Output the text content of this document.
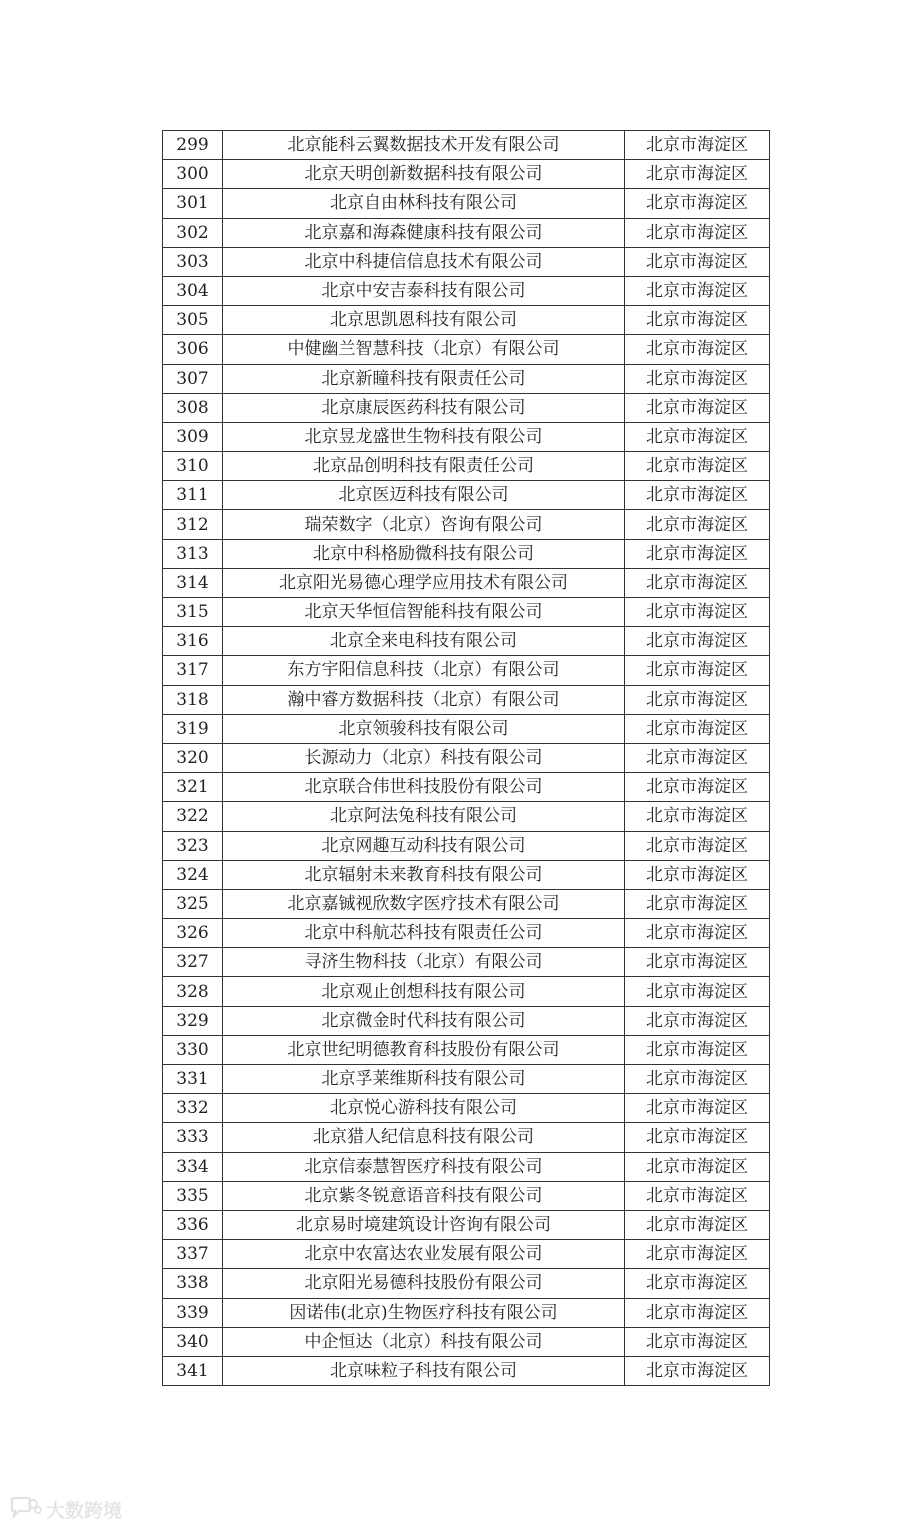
299	北京能科云翼数据技术开发有限公司	北京市海淀区
300	北京天明创新数据科技有限公司	北京市海淀区
301	北京自由林科技有限公司	北京市海淀区
302	北京嘉和海森健康科技有限公司	北京市海淀区
303	北京中科捷信信息技术有限公司	北京市海淀区
304	北京中安吉泰科技有限公司	北京市海淀区
305	北京思凯恩科技有限公司	北京市海淀区
306	中健幽兰智慧科技（北京）有限公司	北京市海淀区
307	北京新瞳科技有限责任公司	北京市海淀区
308	北京康辰医药科技有限公司	北京市海淀区
309	北京昱龙盛世生物科技有限公司	北京市海淀区
310	北京品创明科技有限责任公司	北京市海淀区
311	北京医迈科技有限公司	北京市海淀区
312	瑞荣数字（北京）咨询有限公司	北京市海淀区
313	北京中科格励微科技有限公司	北京市海淀区
314	北京阳光易德心理学应用技术有限公司	北京市海淀区
315	北京天华恒信智能科技有限公司	北京市海淀区
316	北京全来电科技有限公司	北京市海淀区
317	东方宇阳信息科技（北京）有限公司	北京市海淀区
318	瀚中睿方数据科技（北京）有限公司	北京市海淀区
319	北京领骏科技有限公司	北京市海淀区
320	长源动力（北京）科技有限公司	北京市海淀区
321	北京联合伟世科技股份有限公司	北京市海淀区
322	北京阿法兔科技有限公司	北京市海淀区
323	北京网趣互动科技有限公司	北京市海淀区
324	北京辐射未来教育科技有限公司	北京市海淀区
325	北京嘉铖视欣数字医疗技术有限公司	北京市海淀区
326	北京中科航芯科技有限责任公司	北京市海淀区
327	寻济生物科技（北京）有限公司	北京市海淀区
328	北京观止创想科技有限公司	北京市海淀区
329	北京微金时代科技有限公司	北京市海淀区
330	北京世纪明德教育科技股份有限公司	北京市海淀区
331	北京孚莱维斯科技有限公司	北京市海淀区
332	北京悦心游科技有限公司	北京市海淀区
333	北京猎人纪信息科技有限公司	北京市海淀区
334	北京信泰慧智医疗科技有限公司	北京市海淀区
335	北京紫冬锐意语音科技有限公司	北京市海淀区
336	北京易时境建筑设计咨询有限公司	北京市海淀区
337	北京中农富达农业发展有限公司	北京市海淀区
338	北京阳光易德科技股份有限公司	北京市海淀区
339	因诺伟(北京)生物医疗科技有限公司	北京市海淀区
340	中企恒达（北京）科技有限公司	北京市海淀区
341	北京味粒子科技有限公司	北京市海淀区
大数跨境
